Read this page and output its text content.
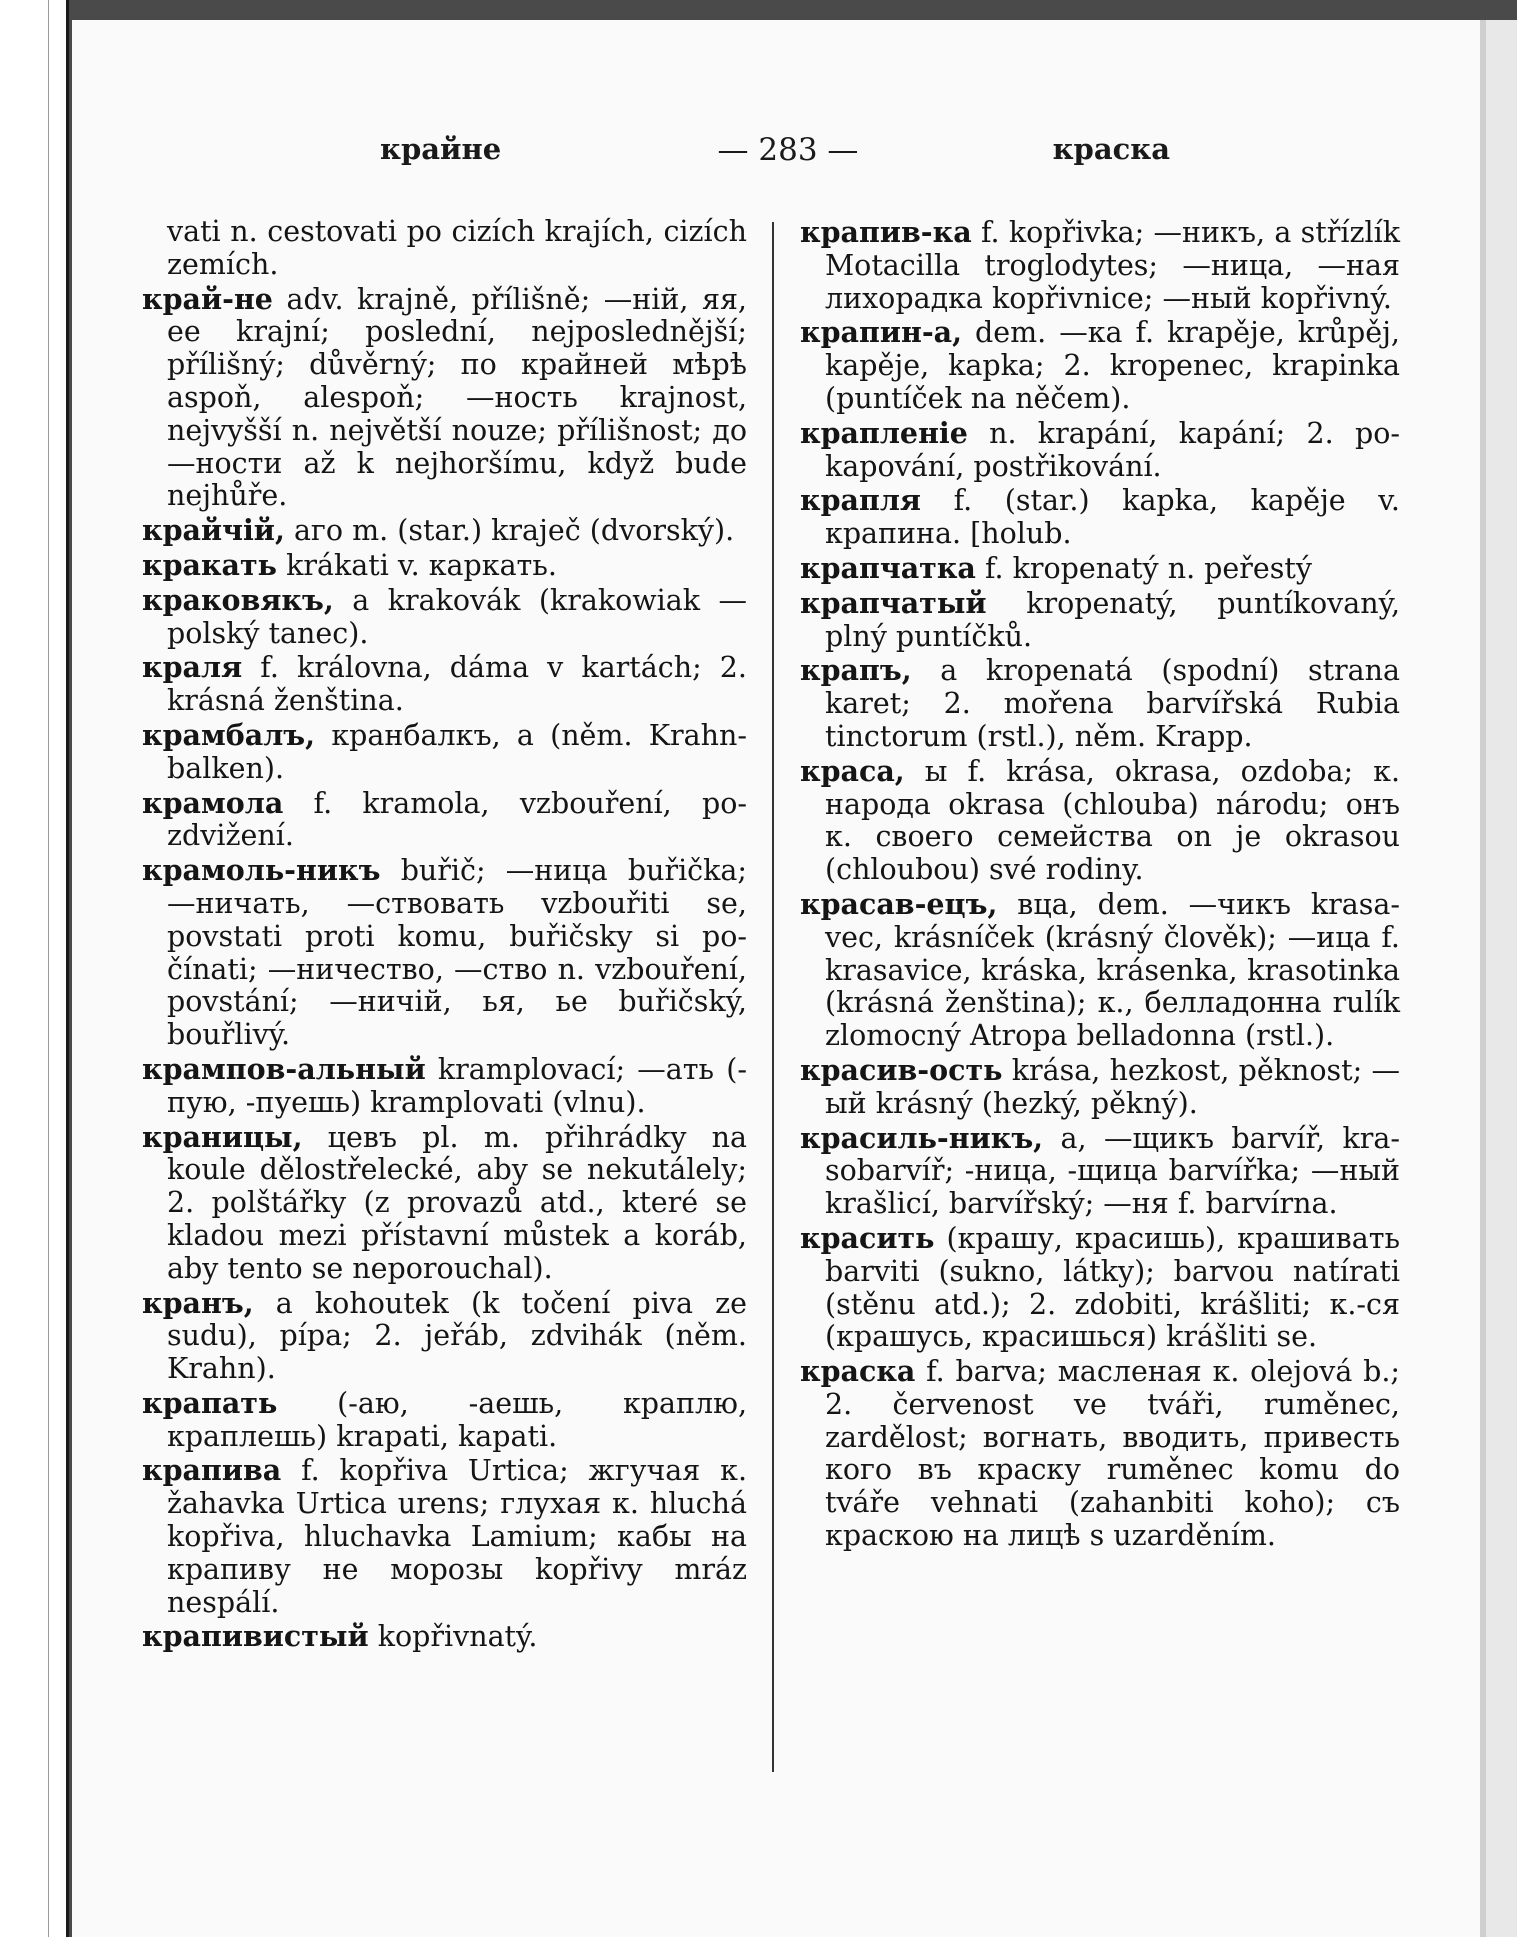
крайне	— 283 —	краска
vati n. cestovati po cizích krajích, cizích zemích.
край-не adv. krajně, přílišně; —ній, яя, ее krajní; poslední, nejposlednější; přílišný; důvěrný; по крайней мѣрѣ aspoň, alespoň; —ность krajnost, nejvyšší n. největší nouze; přílišnost; до —ности až k nejhoršímu, když bude nejhůře.
крайчій, аго m. (star.) kraječ (dvorský).
кракать krákati v. каркать.
краковякъ, a krakovák (krakowiak — polský tanec).
краля f. královna, dáma v kartách; 2. krásná ženština.
крамбалъ, кранбалкъ, а (něm. Krahnbalken).
крамола f. kramola, vzbouření, pozdvižení.
крамоль-никъ buřič; —ница buřička; —ничать, —ствовать vzbouřiti se, povstati proti komu, buřičsky si počínati; —ничество, —ство n. vzbouření, povstání; —ничій, ья, ье buřičský, bouřlivý.
крампов-альный kramplovací; —ать (-пую, -пуешь) kramplovati (vlnu).
краницы, цевъ pl. m. přihrádky na koule dělostřelecké, aby se nekutálely; 2. polštářky (z provazů atd., které se kladou mezi přístavní můstek a koráb, aby tento se neporouchal).
кранъ, a kohoutek (k točení piva ze sudu), pípa; 2. jeřáb, zdvihák (něm. Krahn).
крапать (-аю, -аешь, краплю, краплешь) krapati, kapati.
крапива f. kopřiva Urtica; жгучая к. žahavka Urtica urens; глухая к. hluchá kopřiva, hluchavka Lamium; кабы на крапиву не морозы kopřivy mráz nespálí.
крапивистый kopřivnatý.
крапив-ка f. kopřivka; —никъ, a střízlík Motacilla troglodytes; —ница, —ная лихорадка kopřivnice; —ный kopřivný.
крапин-а, dem. —ка f. krapěje, krůpěj, kapěje, kapka; 2. kropenec, krapinka (puntíček na něčem).
крапленіе n. krapání, kapání; 2. pokapování, postřikování.
крапля f. (star.) kapka, kapěje v. крапина. [holub.
крапчатка f. kropenatý n. peřestý
крапчатый kropenatý, puntíkovaný, plný puntíčků.
крапъ, a kropenatá (spodní) strana karet; 2. mořena barvířská Rubia tinctorum (rstl.), něm. Krapp.
краса, ы f. krása, okrasa, ozdoba; к. народа okrasa (chlouba) národu; онъ к. своего семейства on je okrasou (chloubou) své rodiny.
красав-ецъ, вца, dem. —чикъ krasavec, krásníček (krásný člověk); —ица f. krasavice, kráska, krásenka, krasotinka (krásná ženština); к., белладонна rulík zlomocný Atropa belladonna (rstl.).
красив-ость krása, hezkost, pěknost; —ый krásný (hezký, pěkný).
красиль-никъ, а, —щикъ barvíř, krasobarvíř; -ница, -щица barvířka; —ный krašlicí, barvířský; —ня f. barvírna.
красить (крашу, красишь), крашивать barviti (sukno, látky); barvou natírati (stěnu atd.); 2. zdobiti, krášliti; к.-ся (крашусь, красишься) krášliti se.
краска f. barva; масленая к. olejová b.; 2. červenost ve tváři, ruměnec, zardělost; вогнать, вводить, привесть кого въ краску ruměnec komu do tváře vehnati (zahanbiti koho); съ краскою на лицѣ s uzarděním.
